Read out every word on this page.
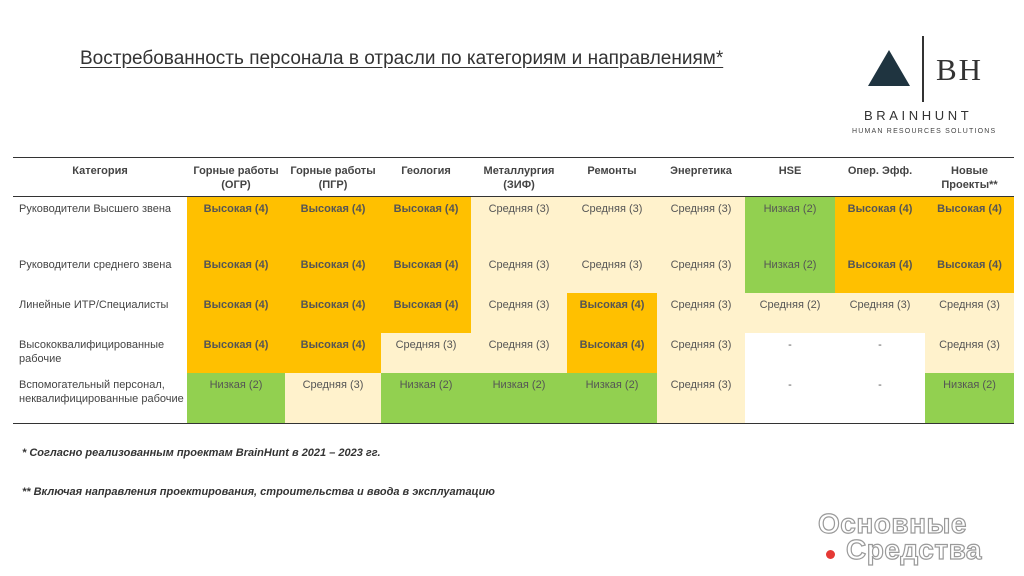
Востребованность персонала в отрасли по категориям и направлениям*	BH
BRAINHUNT
HUMAN RESOURCES SOLUTIONS
Категория	Горные работы (ОГР)	Горные работы (ПГР)	Геология	Металлургия (ЗИФ)	Ремонты	Энергетика	HSE	Опер. Эфф.	Новые Проекты**
Руководители Высшего звена	Высокая (4)	Высокая (4)	Высокая (4)	Средняя (3)	Средняя (3)	Средняя (3)	Низкая (2)	Высокая (4)	Высокая (4)
Руководители среднего звена	Высокая (4)	Высокая (4)	Высокая (4)	Средняя (3)	Средняя (3)	Средняя (3)	Низкая (2)	Высокая (4)	Высокая (4)
Линейные ИТР/Специалисты	Высокая (4)	Высокая (4)	Высокая (4)	Средняя (3)	Высокая (4)	Средняя (3)	Средняя (2)	Средняя (3)	Средняя (3)
Высококвалифицированные рабочие	Высокая (4)	Высокая (4)	Средняя (3)	Средняя (3)	Высокая (4)	Средняя (3)	-	-	Средняя (3)
Вспомогательный персонал, неквалифицированные рабочие	Низкая (2)	Средняя (3)	Низкая (2)	Низкая (2)	Низкая (2)	Средняя (3)	-	-	Низкая (2)
* Согласно реализованным проектам BrainHunt в 2021 – 2023 гг.
** Включая направления проектирования, строительства и ввода в эксплуатацию
Основные
Средства
